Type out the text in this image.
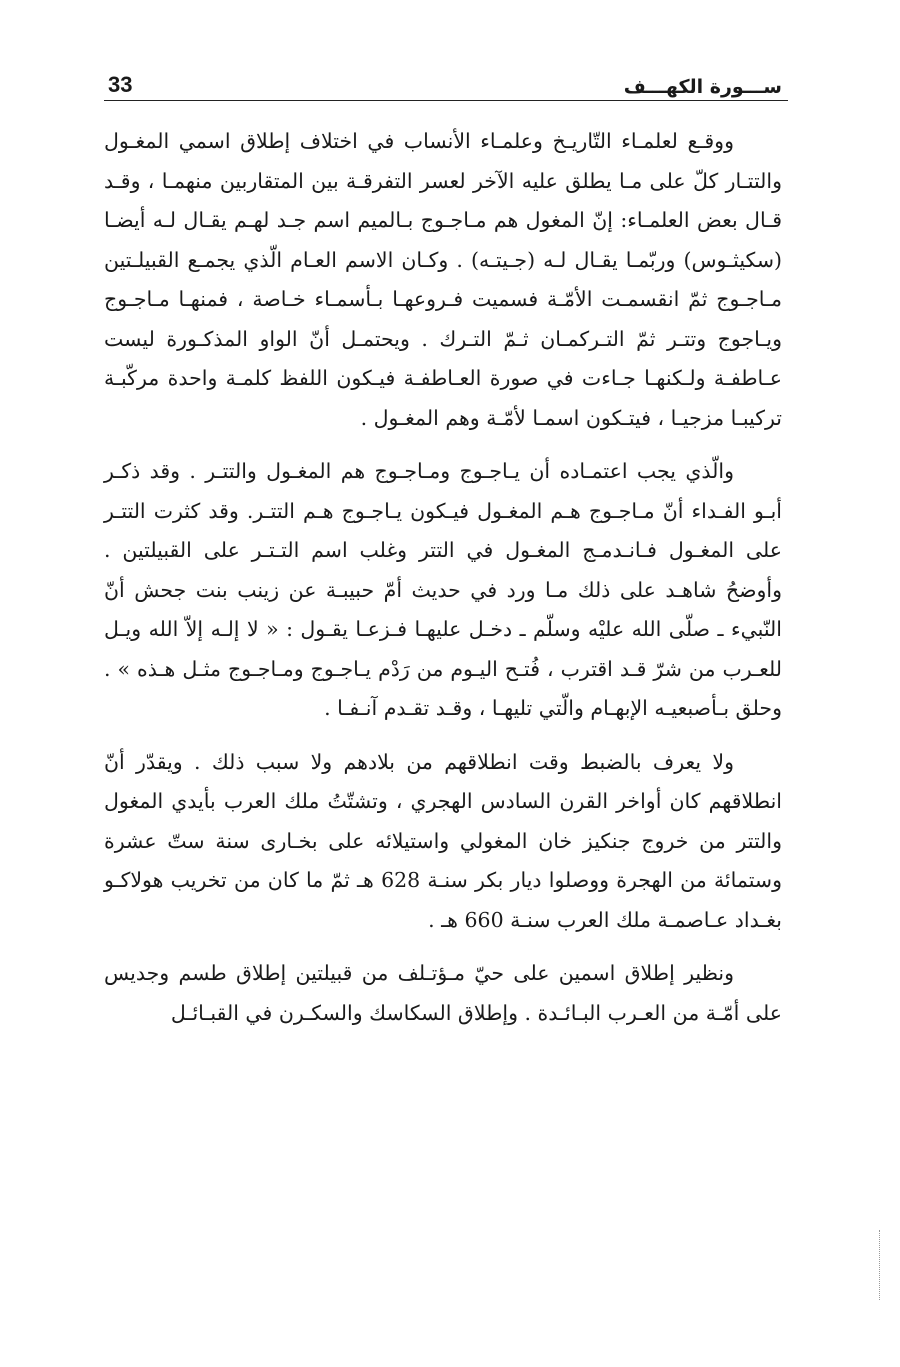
33	ســـورة الكهـــف

ووقـع لعلمـاء التّاريـخ وعلمـاء الأنساب في اختلاف إطلاق اسمي المغـول والتتـار كلّ على مـا يطلق عليه الآخر لعسر التفرقـة بين المتقاربين منهمـا ، وقـد قـال بعض العلمـاء: إنّ المغول هم مـاجـوج بـالميم اسم جـد لهـم يقـال لـه أيضـا (سكيثـوس) وربّمـا يقـال لـه (جـيتـه) . وكـان الاسم العـام الّذي يجمـع القبيلـتين مـاجـوج ثمّ انقسمـت الأمّـة فسميت فـروعهـا بـأسمـاء خـاصة ، فمنهـا مـاجـوج ويـاجوج وتتـر ثمّ التـركمـان ثـمّ التـرك . ويحتمـل أنّ الواو المذكـورة ليست عـاطفـة ولـكنهـا جـاءت في صورة العـاطفـة فيـكون اللفظ كلمـة واحدة مركّبـة تركيبـا مزجيـا ، فيتـكون اسمـا لأمّـة وهم المغـول .

والّذي يجب اعتمـاده أن يـاجـوج ومـاجـوج هم المغـول والتتـر . وقد ذكـر أبـو الفـداء أنّ مـاجـوج هـم المغـول فيـكون يـاجـوج هـم التتـر. وقد كثرت التتـر على المغـول فـانـدمـج المغـول في التتر وغلب اسم التـتـر على القبيلتين . وأوضحُ شاهـد على ذلك مـا ورد في حديث أمّ حبيبـة عن زينب بنت جحش أنّ النّبيء ـ صلّى الله عليْه وسلّم ـ دخـل عليهـا فـزعـا يقـول : « لا إلـه إلاّ الله ويـل للعـرب من شرّ قـد اقترب ، فُتـح اليـوم من رَدْم يـاجـوج ومـاجـوج مثـل هـذه » . وحلق بـأصبعيـه الإبهـام والّتي تليهـا ، وقـد تقـدم آنـفـا .

ولا يعرف بالضبط وقت انطلاقهم من بلادهم ولا سبب ذلك . ويقدّر أنّ انطلاقهم كان أواخر القرن السادس الهجري ، وتشتّتُ ملك العرب بأيدي المغول والتتر من خروج جنكيز خان المغولي واستيلائه على بخـارى سنة ستّ عشرة وستمائة من الهجرة ووصلوا ديار بكر سنـة 628 هـ ثمّ ما كان من تخريب هولاكـو بغـداد عـاصمـة ملك العرب سنـة 660 هـ .

ونظير إطلاق اسمين على حيّ مـؤتـلف من قبيلتين إطلاق طسم وجديس على أمّـة من العـرب البـائـدة . وإطلاق السكاسك والسكـرن في القبـائـل
